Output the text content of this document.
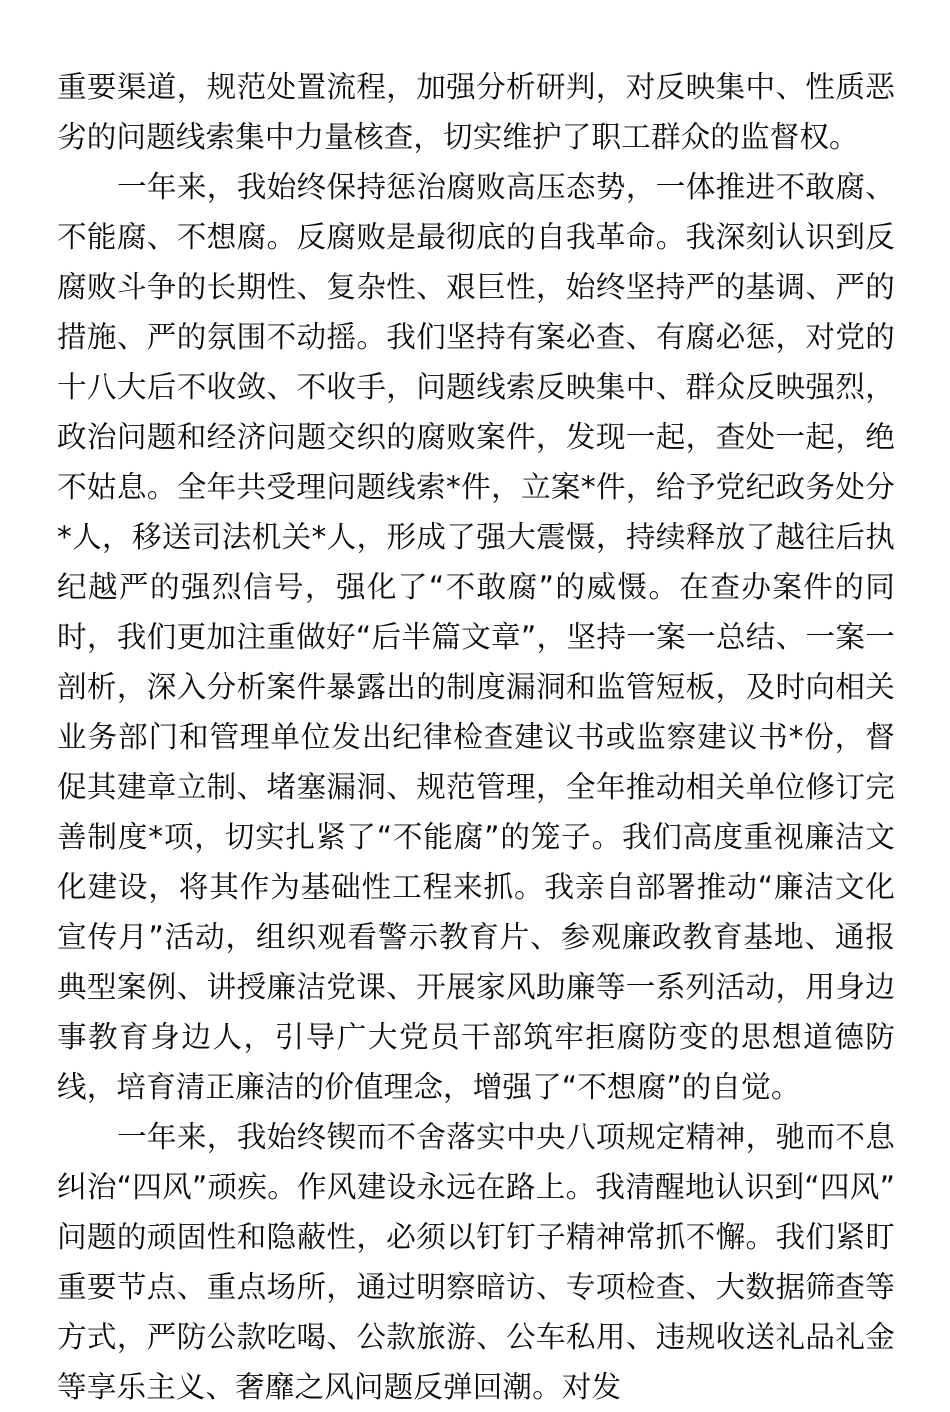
重要渠道，规范处置流程，加强分析研判，对反映集中、性质恶劣的问题线索集中力量核查，切实维护了职工群众的监督权。

一年来，我始终保持惩治腐败高压态势，一体推进不敢腐、不能腐、不想腐。反腐败是最彻底的自我革命。我深刻认识到反腐败斗争的长期性、复杂性、艰巨性，始终坚持严的基调、严的措施、严的氛围不动摇。我们坚持有案必查、有腐必惩，对党的十八大后不收敛、不收手，问题线索反映集中、群众反映强烈，政治问题和经济问题交织的腐败案件，发现一起，查处一起，绝不姑息。全年共受理问题线索*件，立案*件，给予党纪政务处分*人，移送司法机关*人，形成了强大震慑，持续释放了越往后执纪越严的强烈信号，强化了“不敢腐”的威慑。在查办案件的同时，我们更加注重做好“后半篇文章”，坚持一案一总结、一案一剖析，深入分析案件暴露出的制度漏洞和监管短板，及时向相关业务部门和管理单位发出纪律检查建议书或监察建议书*份，督促其建章立制、堵塞漏洞、规范管理，全年推动相关单位修订完善制度*项，切实扎紧了“不能腐”的笼子。我们高度重视廉洁文化建设，将其作为基础性工程来抓。我亲自部署推动“廉洁文化宣传月”活动，组织观看警示教育片、参观廉政教育基地、通报典型案例、讲授廉洁党课、开展家风助廉等一系列活动，用身边事教育身边人，引导广大党员干部筑牢拒腐防变的思想道德防线，培育清正廉洁的价值理念，增强了“不想腐”的自觉。

一年来，我始终锲而不舍落实中央八项规定精神，驰而不息纠治“四风”顽疾。作风建设永远在路上。我清醒地认识到“四风”问题的顽固性和隐蔽性，必须以钉钉子精神常抓不懈。我们紧盯重要节点、重点场所，通过明察暗访、专项检查、大数据筛查等方式，严防公款吃喝、公款旅游、公车私用、违规收送礼品礼金等享乐主义、奢靡之风问题反弹回潮。对发
